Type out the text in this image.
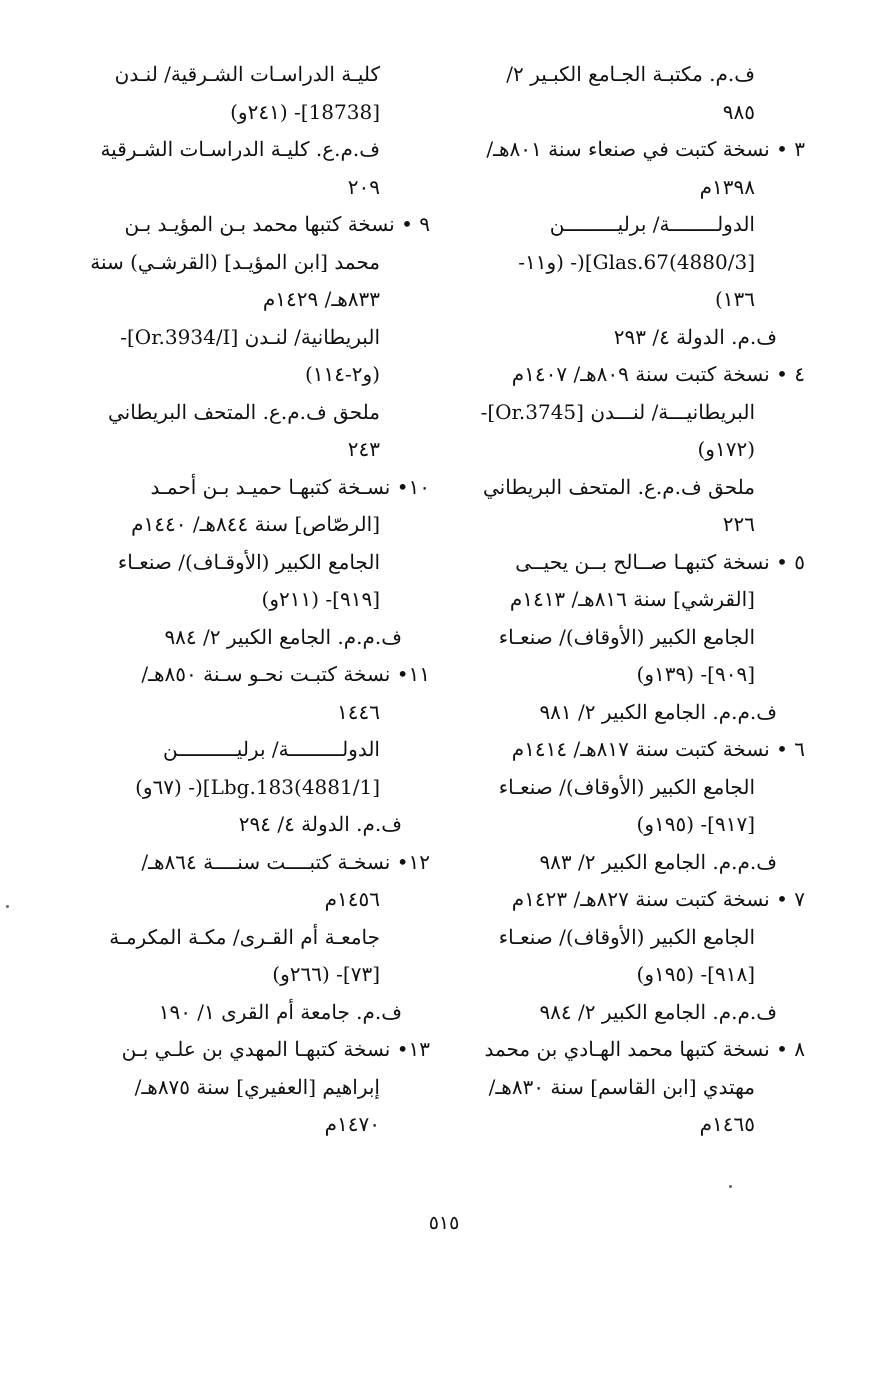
ف.م. مكتبـة الجـامع الكبـير ٢/
٩٨٥
٣ • نسخة كتبت في صنعاء سنة ٨٠١هـ/
١٣٩٨م
الدولــــــــة/ برليـــــــــن
[4880/3)Glas.67](- (و١١-
١٣٦)
ف.م. الدولة ٤/ ٢٩٣
٤ • نسخة كتبت سنة ٨٠٩هـ/ ١٤٠٧م
البريطانيـــة/ لنـــدن [Or.3745]-
(١٧٢و)
ملحق ف.م.ع. المتحف البريطاني
٢٢٦
٥ • نسخة كتبهـا صــالح بــن يحيــى
[القرشي] سنة ٨١٦هـ/ ١٤١٣م
الجامع الكبير (الأوقاف)/ صنعـاء
[٩٠٩]- (١٣٩و)
ف.م.م. الجامع الكبير ٢/ ٩٨١
٦ • نسخة كتبت سنة ٨١٧هـ/ ١٤١٤م
الجامع الكبير (الأوقاف)/ صنعـاء
[٩١٧]- (١٩٥و)
ف.م.م. الجامع الكبير ٢/ ٩٨٣
٧ • نسخة كتبت سنة ٨٢٧هـ/ ١٤٢٣م
الجامع الكبير (الأوقاف)/ صنعـاء
[٩١٨]- (١٩٥و)
ف.م.م. الجامع الكبير ٢/ ٩٨٤
٨ • نسخة كتبها محمد الهـادي بن محمد
مهتدي [ابن القاسم] سنة ٨٣٠هـ/
١٤٦٥م
كليـة الدراسـات الشـرقية/ لنـدن
[18738]- (٢٤١و)
ف.م.ع. كليـة الدراسـات الشـرقية
٢٠٩
٩ • نسخة كتبها محمد بـن المؤيـد بـن
محمد [ابن المؤيـد] (القرشـي) سنة
٨٣٣هـ/ ١٤٢٩م
البريطانية/ لنـدن [Or.3934/I]-
(و٢-١١٤)
ملحق ف.م.ع. المتحف البريطاني
٢٤٣
١٠• نسـخة كتبهـا حميـد بـن أحمـد
[الرصّاص] سنة ٨٤٤هـ/ ١٤٤٠م
الجامع الكبير (الأوقـاف)/ صنعـاء
[٩١٩]- (٢١١و)
ف.م.م. الجامع الكبير ٢/ ٩٨٤
١١• نسخة كتبـت نحـو سـنة ٨٥٠هـ/
١٤٤٦
الدولـــــــــة/ برليــــــــــن
[4881/1)Lbg.183](- (٦٧و)
ف.م. الدولة ٤/ ٢٩٤
١٢• نسخـة كتبــــت سنــــة ٨٦٤هـ/
١٤٥٦م
جامعـة أم القـرى/ مكـة المكرمـة
[٧٣]- (٢٦٦و)
ف.م. جامعة أم القرى ١/ ١٩٠
١٣• نسخة كتبهـا المهدي بن علـي بـن
إبراهيم [العفيري] سنة ٨٧٥هـ/
١٤٧٠م
٥١٥
